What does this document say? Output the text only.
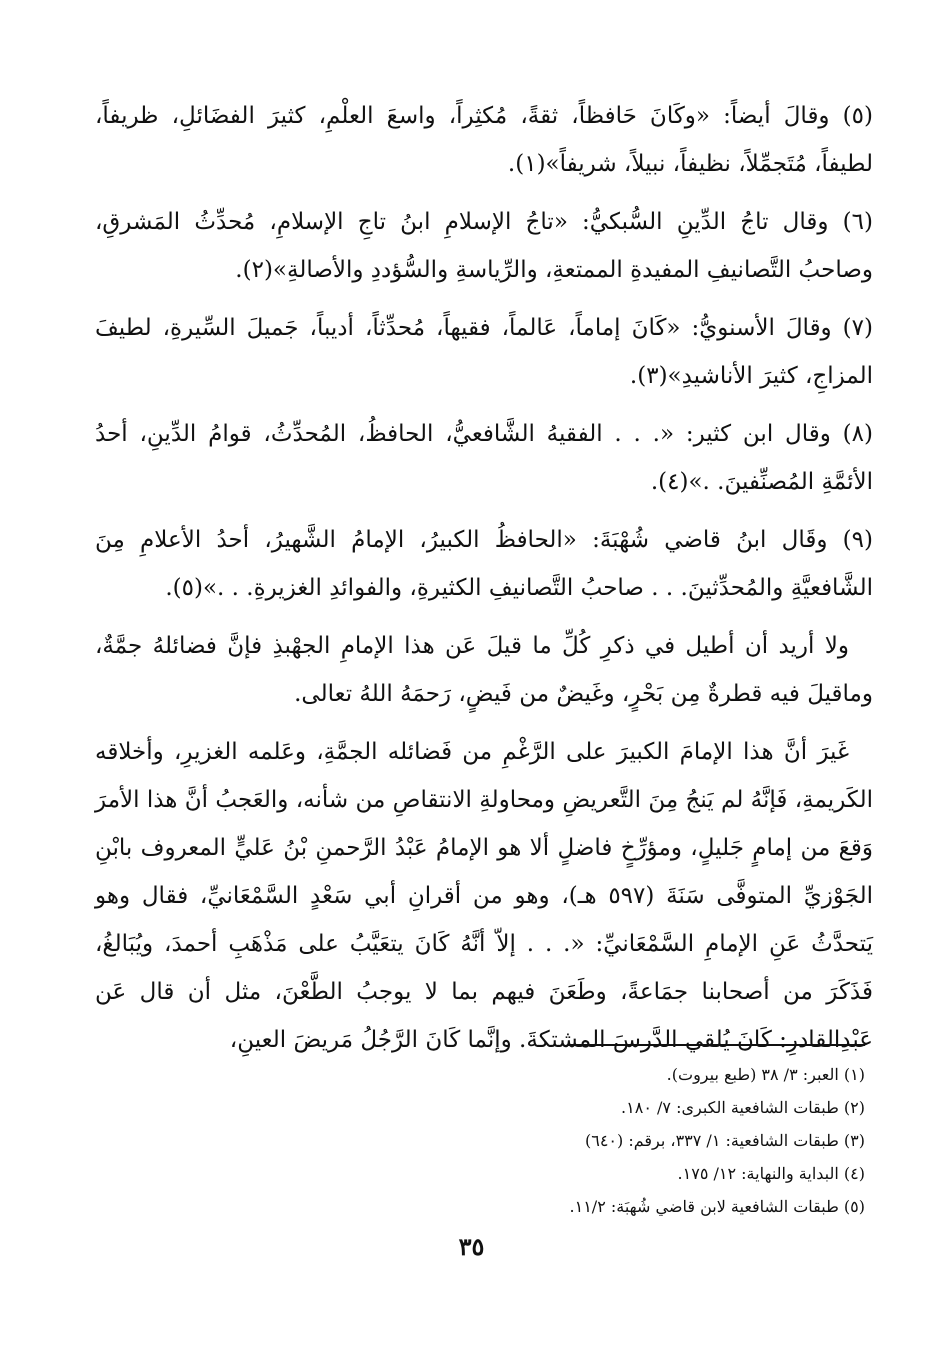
(٥) وقالَ أيضاً: «وكَانَ حَافظاً، ثقةً، مُكثِراً، واسعَ العلْمِ، كثيرَ الفضَائلِ، ظريفاً، لطيفاً، مُتَجمِّلاً، نظيفاً، نبيلاً، شريفاً»(١).

(٦) وقال تاجُ الدِّينِ السُّبكيُّ: «تاجُ الإسلامِ ابنُ تاجِ الإسلامِ، مُحدِّثُ المَشرقِ، وصاحبُ التَّصانيفِ المفيدةِ الممتعةِ، والرِّياسةِ والسُّؤددِ والأصالةِ»(٢).

(٧) وقالَ الأسنويُّ: «كَانَ إماماً، عَالماً، فقيهاً، مُحدِّثاً، أديباً، جَميلَ السِّيرةِ، لطيفَ المزاجِ، كثيرَ الأناشيدِ»(٣).

(٨) وقال ابن كثير: «. . . الفقيهُ الشَّافعيُّ، الحافظُ، المُحدِّثُ، قوامُ الدِّينِ، أحدُ الأئمَّةِ المُصنِّفينَ. .»(٤).

(٩) وقَال ابنُ قاضي شُهْبَةَ: «الحافظُ الكبيرُ، الإمامُ الشَّهيرُ، أحدُ الأعلامِ مِنَ الشَّافعيَّةِ والمُحدِّثينَ. . . صاحبُ التَّصانيفِ الكثيرةِ، والفوائدِ الغزيرةِ. . .»(٥).

ولا أريد أن أطيل في ذكرِ كُلِّ ما قيلَ عَن هذا الإمامِ الجهْبذِ فإنَّ فضائلهُ جمَّةٌ، وماقيلَ فيه قطرةٌ مِن بَحْرٍ، وغَيضٌ من فَيضٍ، رَحمَهُ اللهُ تعالى.

غَيرَ أنَّ هذا الإمامَ الكبيرَ على الرَّغْمِ من فَضائله الجمَّةِ، وعَلمه الغزيرِ، وأخلاقه الكَريمةِ، فَإنَّهُ لم يَنجُ مِنَ التَّعريضِ ومحاولةِ الانتقاصِ من شأنه، والعَجبُ أنَّ هذا الأمرَ وَقعَ من إمامٍ جَليلٍ، ومؤرِّخٍ فاضلٍ ألا هو الإمامُ عَبْدُ الرَّحمنِ بْنُ عَليٍّ المعروف بابْنِ الجَوْزيِّ المتوفَّى سَنَةَ (٥٩٧ هـ)، وهو من أقرانِ أبي سَعْدٍ السَّمْعَانيِّ، فقال وهو يَتحدَّثُ عَنِ الإمامِ السَّمْعَانيِّ: «. . . إلاّ أنَّهُ كَانَ يتعَيَّبُ على مَذْهَبِ أحمدَ، ويُبَالغُ، فَذَكَرَ من أصحابنا جمَاعةً، وطَعَنَ فيهم بما لا يوجبُ الطَّعْنَ، مثل أن قال عَن عَبْدِالقادرِ: كَانَ يُلقي الدَّرسَ المشتكةَ. وإنَّما كَانَ الرَّجُلُ مَريضَ العينِ،

(١) العبر: ٣/ ٣٨ (طبع بيروت).

(٢) طبقات الشافعية الكبرى: ٧/ ١٨٠.

(٣) طبقات الشافعية: ١/ ٣٣٧، برقم: (٦٤٠)

(٤) البداية والنهاية: ١٢/ ١٧٥.

(٥) طبقات الشافعية لابن قاضي شُهبَة: ١١/٢.

٣٥
